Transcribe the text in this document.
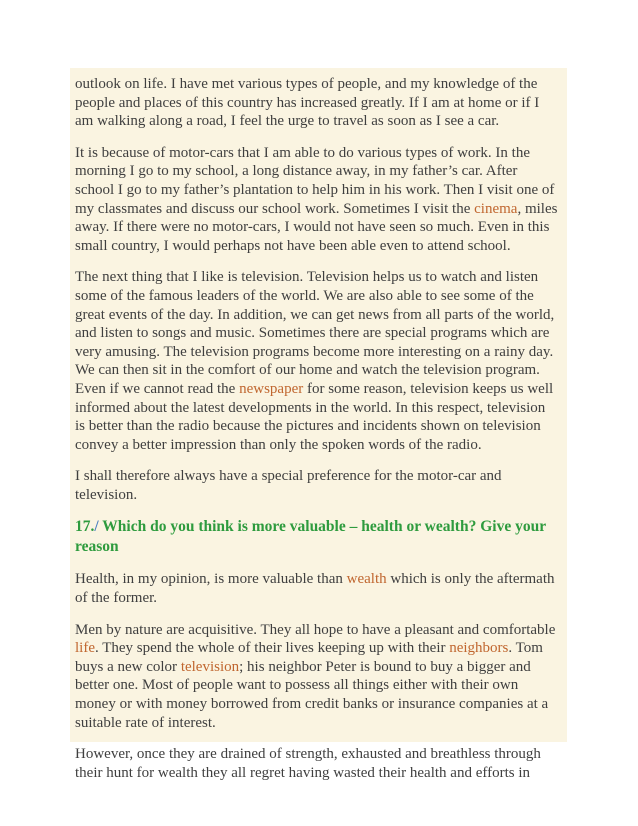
outlook on life. I have met various types of people, and my knowledge of the people and places of this country has increased greatly. If I am at home or if I am walking along a road, I feel the urge to travel as soon as I see a car.

It is because of motor-cars that I am able to do various types of work. In the morning I go to my school, a long distance away, in my father’s car. After school I go to my father’s plantation to help him in his work. Then I visit one of my classmates and discuss our school work. Sometimes I visit the cinema, miles away. If there were no motor-cars, I would not have seen so much. Even in this small country, I would perhaps not have been able even to attend school.

The next thing that I like is television. Television helps us to watch and listen some of the famous leaders of the world. We are also able to see some of the great events of the day. In addition, we can get news from all parts of the world, and listen to songs and music. Sometimes there are special programs which are very amusing. The television programs become more interesting on a rainy day. We can then sit in the comfort of our home and watch the television program. Even if we cannot read the newspaper for some reason, television keeps us well informed about the latest developments in the world. In this respect, television is better than the radio because the pictures and incidents shown on television convey a better impression than only the spoken words of the radio.

I shall therefore always have a special preference for the motor-car and television.

17./ Which do you think is more valuable – health or wealth? Give your reason

Health, in my opinion, is more valuable than wealth which is only the aftermath of the former.

Men by nature are acquisitive. They all hope to have a pleasant and comfortable life. They spend the whole of their lives keeping up with their neighbors. Tom buys a new color television; his neighbor Peter is bound to buy a bigger and better one. Most of people want to possess all things either with their own money or with money borrowed from credit banks or insurance companies at a suitable rate of interest.

However, once they are drained of strength, exhausted and breathless through their hunt for wealth they all regret having wasted their health and efforts in
